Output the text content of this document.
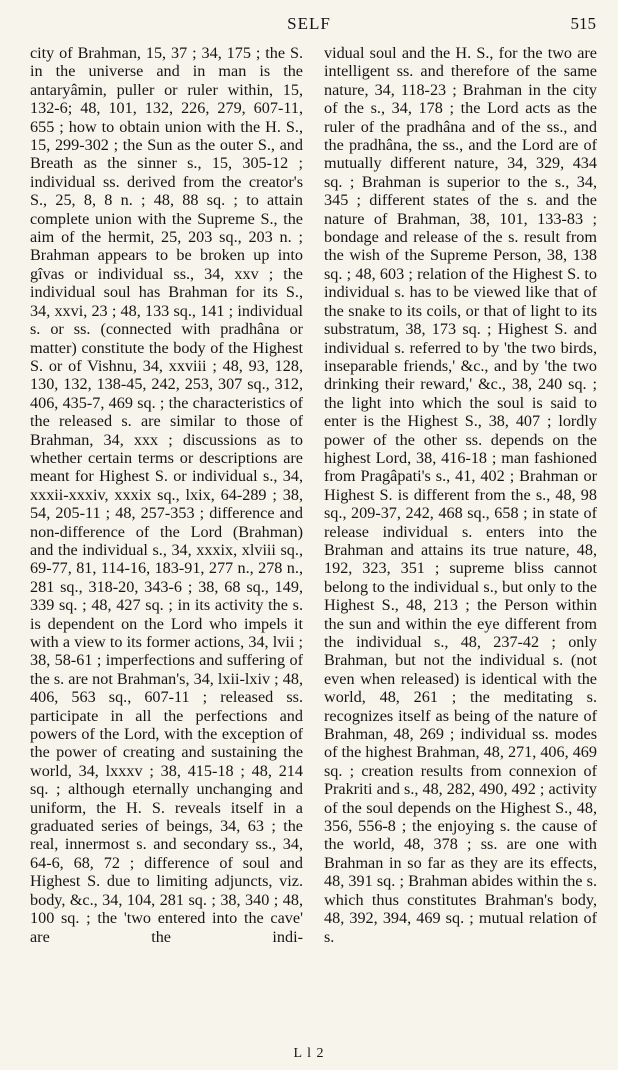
SELF	515

city of Brahman, 15, 37 ; 34, 175 ; the S. in the universe and in man is the antaryâmin, puller or ruler within, 15, 132-6; 48, 101, 132, 226, 279, 607-11, 655 ; how to obtain union with the H. S., 15, 299-302 ; the Sun as the outer S., and Breath as the sinner s., 15, 305-12 ; individual ss. derived from the creator's S., 25, 8, 8 n. ; 48, 88 sq. ; to attain complete union with the Supreme S., the aim of the hermit, 25, 203 sq., 203 n. ; Brahman appears to be broken up into gîvas or individual ss., 34, xxv ; the individual soul has Brahman for its S., 34, xxvi, 23 ; 48, 133 sq., 141 ; individual s. or ss. (connected with pradhâna or matter) constitute the body of the Highest S. or of Vishnu, 34, xxviii ; 48, 93, 128, 130, 132, 138-45, 242, 253, 307 sq., 312, 406, 435-7, 469 sq. ; the characteristics of the released s. are similar to those of Brahman, 34, xxx ; discussions as to whether certain terms or descriptions are meant for Highest S. or individual s., 34, xxxii-xxxiv, xxxix sq., lxix, 64-289 ; 38, 54, 205-11 ; 48, 257-353 ; difference and non-difference of the Lord (Brahman) and the individual s., 34, xxxix, xlviii sq., 69-77, 81, 114-16, 183-91, 277 n., 278 n., 281 sq., 318-20, 343-6 ; 38, 68 sq., 149, 339 sq. ; 48, 427 sq. ; in its activity the s. is dependent on the Lord who impels it with a view to its former actions, 34, lvii ; 38, 58-61 ; imperfections and suffering of the s. are not Brahman's, 34, lxii-lxiv ; 48, 406, 563 sq., 607-11 ; released ss. participate in all the perfections and powers of the Lord, with the exception of the power of creating and sustaining the world, 34, lxxxv ; 38, 415-18 ; 48, 214 sq. ; although eternally unchanging and uniform, the H. S. reveals itself in a graduated series of beings, 34, 63 ; the real, innermost s. and secondary ss., 34, 64-6, 68, 72 ; difference of soul and Highest S. due to limiting adjuncts, viz. body, &c., 34, 104, 281 sq. ; 38, 340 ; 48, 100 sq. ; the 'two entered into the cave' are the indi-

vidual soul and the H. S., for the two are intelligent ss. and therefore of the same nature, 34, 118-23 ; Brahman in the city of the s., 34, 178 ; the Lord acts as the ruler of the pradhâna and of the ss., and the pradhâna, the ss., and the Lord are of mutually different nature, 34, 329, 434 sq. ; Brahman is superior to the s., 34, 345 ; different states of the s. and the nature of Brahman, 38, 101, 133-83 ; bondage and release of the s. result from the wish of the Supreme Person, 38, 138 sq. ; 48, 603 ; relation of the Highest S. to individual s. has to be viewed like that of the snake to its coils, or that of light to its substratum, 38, 173 sq. ; Highest S. and individual s. referred to by 'the two birds, inseparable friends,' &c., and by 'the two drinking their reward,' &c., 38, 240 sq. ; the light into which the soul is said to enter is the Highest S., 38, 407 ; lordly power of the other ss. depends on the highest Lord, 38, 416-18 ; man fashioned from Pragâpati's s., 41, 402 ; Brahman or Highest S. is different from the s., 48, 98 sq., 209-37, 242, 468 sq., 658 ; in state of release individual s. enters into the Brahman and attains its true nature, 48, 192, 323, 351 ; supreme bliss cannot belong to the individual s., but only to the Highest S., 48, 213 ; the Person within the sun and within the eye different from the individual s., 48, 237-42 ; only Brahman, but not the individual s. (not even when released) is identical with the world, 48, 261 ; the meditating s. recognizes itself as being of the nature of Brahman, 48, 269 ; individual ss. modes of the highest Brahman, 48, 271, 406, 469 sq. ; creation results from connexion of Prakriti and s., 48, 282, 490, 492 ; activity of the soul depends on the Highest S., 48, 356, 556-8 ; the enjoying s. the cause of the world, 48, 378 ; ss. are one with Brahman in so far as they are its effects, 48, 391 sq. ; Brahman abides within the s. which thus constitutes Brahman's body, 48, 392, 394, 469 sq. ; mutual relation of s.

L l 2
